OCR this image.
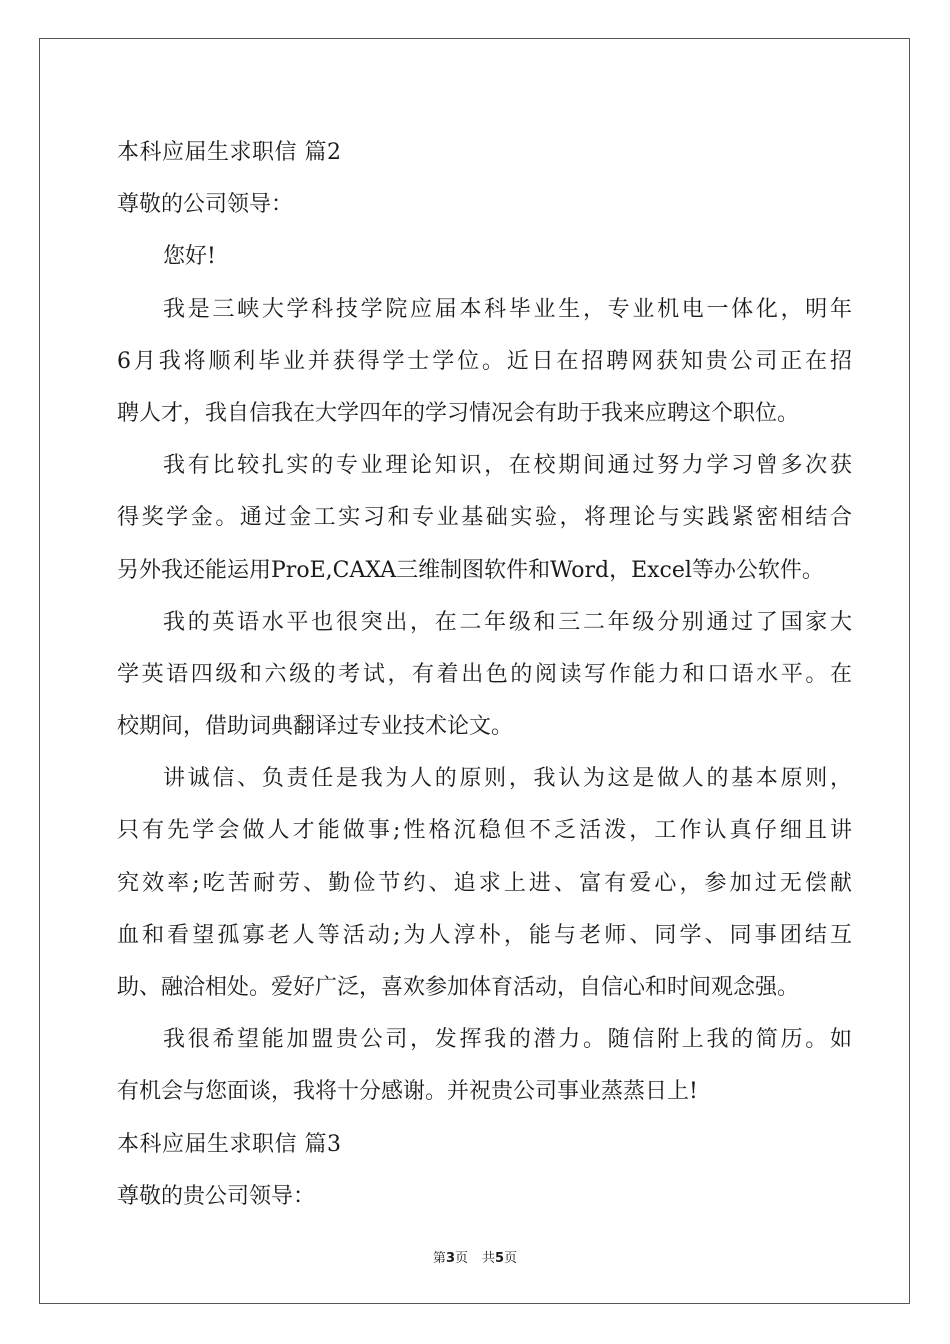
本科应届生求职信 篇2
尊敬的公司领导：
您好!
我是三峡大学科技学院应届本科毕业生，专业机电一体化，明年
6月我将顺利毕业并获得学士学位。近日在招聘网获知贵公司正在招
聘人才，我自信我在大学四年的学习情况会有助于我来应聘这个职位。
我有比较扎实的专业理论知识，在校期间通过努力学习曾多次获
得奖学金。通过金工实习和专业基础实验，将理论与实践紧密相结合
另外我还能运用ProE,CAXA三维制图软件和Word，Excel等办公软件。
我的英语水平也很突出，在二年级和三二年级分别通过了国家大
学英语四级和六级的考试，有着出色的阅读写作能力和口语水平。在
校期间，借助词典翻译过专业技术论文。
讲诚信、负责任是我为人的原则，我认为这是做人的基本原则，
只有先学会做人才能做事;性格沉稳但不乏活泼，工作认真仔细且讲
究效率;吃苦耐劳、勤俭节约、追求上进、富有爱心，参加过无偿献
血和看望孤寡老人等活动;为人淳朴，能与老师、同学、同事团结互
助、融洽相处。爱好广泛，喜欢参加体育活动，自信心和时间观念强。
我很希望能加盟贵公司，发挥我的潜力。随信附上我的简历。如
有机会与您面谈，我将十分感谢。并祝贵公司事业蒸蒸日上!
本科应届生求职信 篇3
尊敬的贵公司领导：
第3页 共5页
